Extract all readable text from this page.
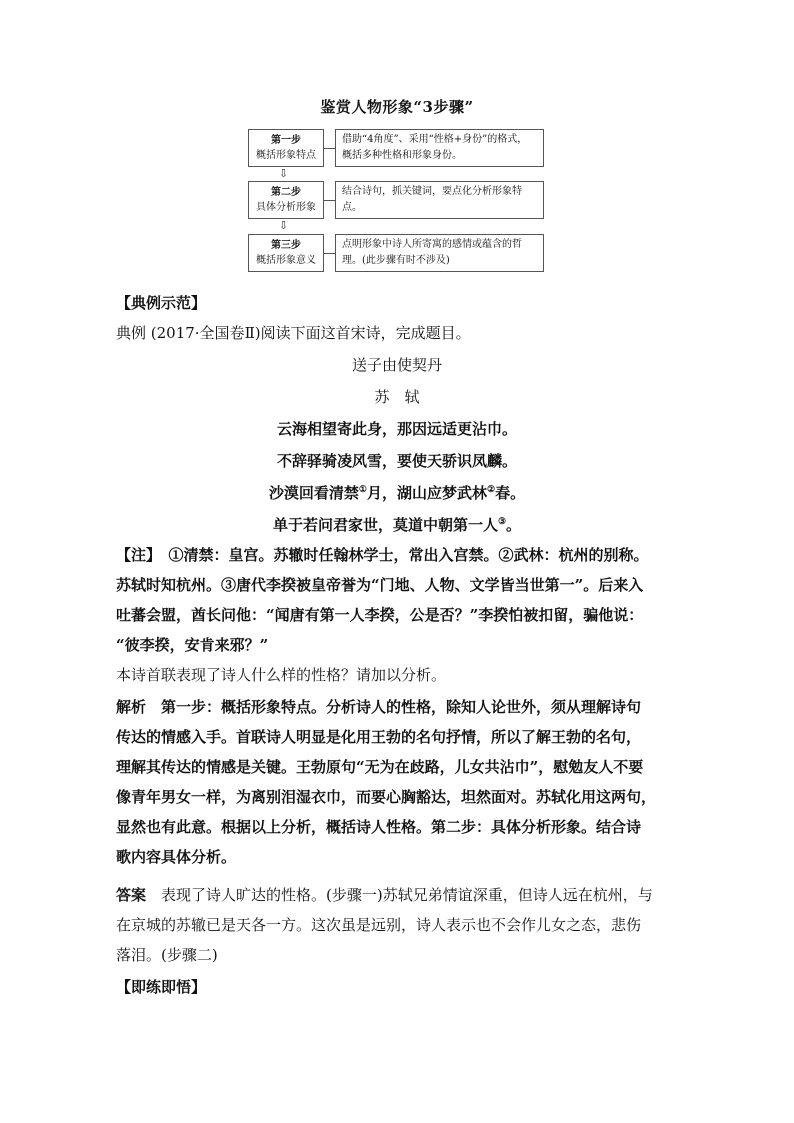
鉴赏人物形象“3步骤”
第一步
概括形象特点
借助“4角度”、采用“性格+身份”的格式，概括多种性格和形象身份。
⇩
第二步
具体分析形象
结合诗句，抓关键词，要点化分析形象特点。
⇩
第三步
概括形象意义
点明形象中诗人所寄寓的感情或蕴含的哲理。(此步骤有时不涉及)
【典例示范】
典例 (2017·全国卷Ⅱ)阅读下面这首宋诗，完成题目。
送子由使契丹
苏　轼
云海相望寄此身，那因远适更沾巾。
不辞驿骑凌风雪，要使天骄识凤麟。
沙漠回看清禁①月，湖山应梦武林②春。
单于若问君家世，莫道中朝第一人③。

【注】　 ①清禁：皇宫。苏辙时任翰林学士，常出入宫禁。②武林：杭州的别称。

苏轼时知杭州。③唐代李揆被皇帝誉为“门地、人物、文学皆当世第一”。后来入

吐蕃会盟，酋长问他：“闻唐有第一人李揆，公是否？”李揆怕被扣留，骗他说：

“彼李揆，安肯来邪？”

本诗首联表现了诗人什么样的性格？请加以分析。

解析　第一步：概括形象特点。分析诗人的性格，除知人论世外，须从理解诗句

传达的情感入手。首联诗人明显是化用王勃的名句抒情，所以了解王勃的名句，

理解其传达的情感是关键。王勃原句“无为在歧路，儿女共沾巾”，慰勉友人不要

像青年男女一样，为离别泪湿衣巾，而要心胸豁达，坦然面对。苏轼化用这两句，

显然也有此意。根据以上分析，概括诗人性格。第二步：具体分析形象。结合诗

歌内容具体分析。

答案　表现了诗人旷达的性格。(步骤一)苏轼兄弟情谊深重，但诗人远在杭州，与

在京城的苏辙已是天各一方。这次虽是远别，诗人表示也不会作儿女之态，悲伤

落泪。(步骤二)

【即练即悟】
